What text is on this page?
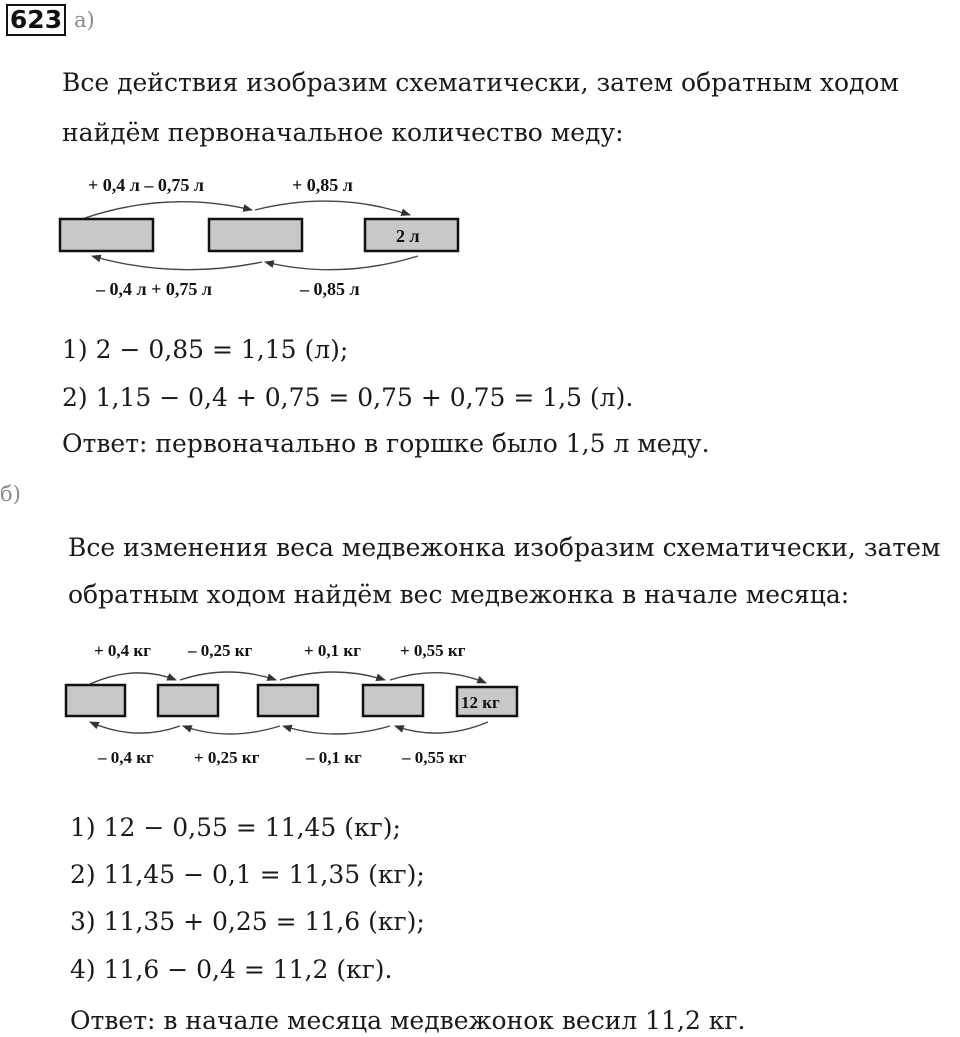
623 а)
Все действия изобразим схематически, затем обратным ходом
найдём первоначальное количество меду:
+ 0,4 л – 0,75 л	+ 0,85 л
2 л
– 0,4 л + 0,75 л	– 0,85 л
1) 2 − 0,85 = 1,15 (л);
2) 1,15 − 0,4 + 0,75 = 0,75 + 0,75 = 1,5 (л).
Ответ: первоначально в горшке было 1,5 л меду.
б)
Все изменения веса медвежонка изобразим схематически, затем
обратным ходом найдём вес медвежонка в начале месяца:
+ 0,4 кг – 0,25 кг	+ 0,1 кг + 0,55 кг
12 кг
– 0,4 кг + 0,25 кг	– 0,1 кг – 0,55 кг
1) 12 − 0,55 = 11,45 (кг);
2) 11,45 − 0,1 = 11,35 (кг);
3) 11,35 + 0,25 = 11,6 (кг);
4) 11,6 − 0,4 = 11,2 (кг).
Ответ: в начале месяца медвежонок весил 11,2 кг.
